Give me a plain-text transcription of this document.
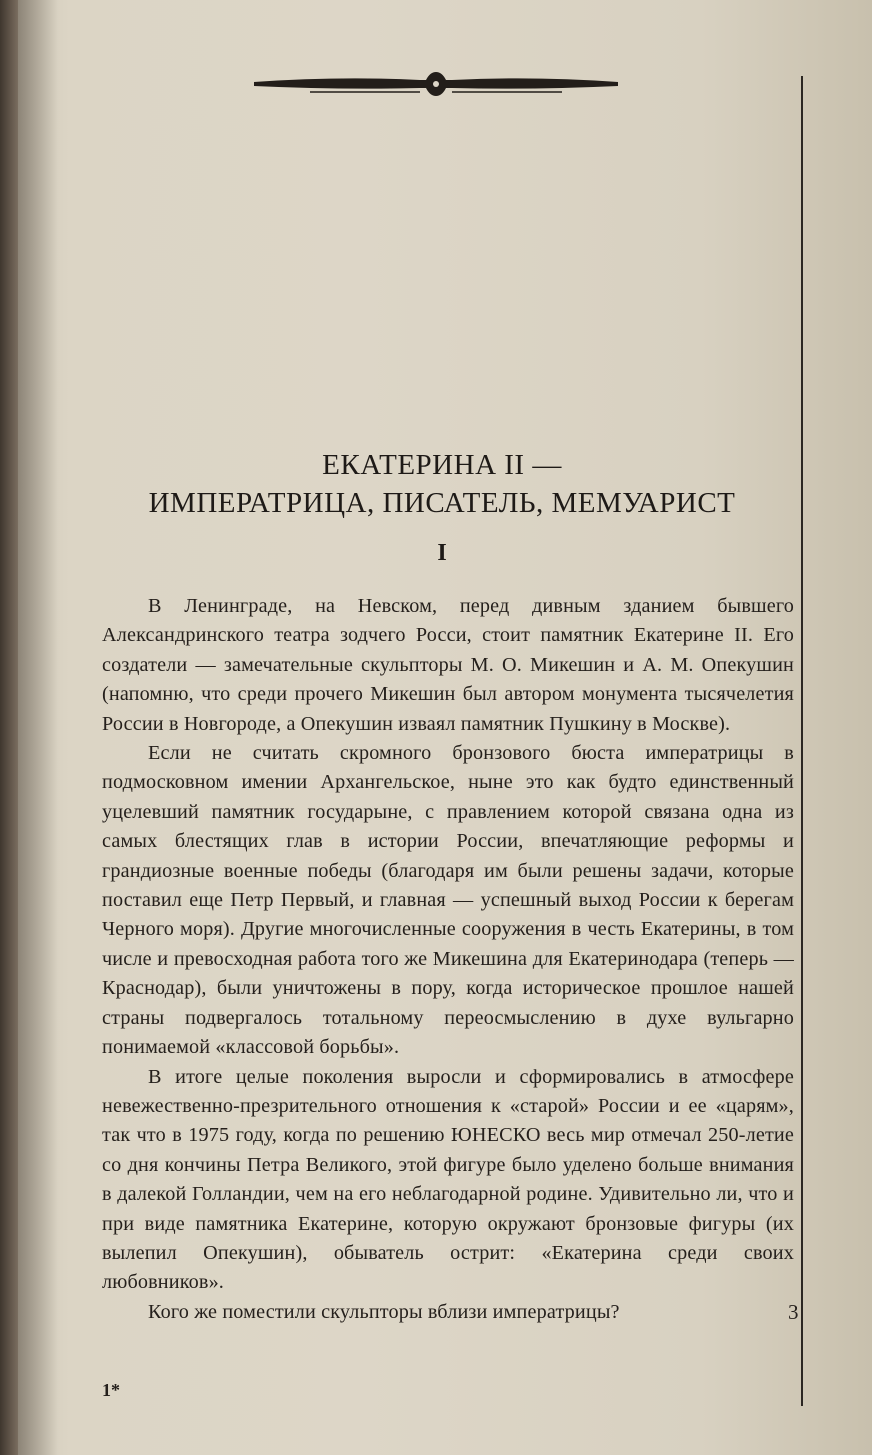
ЕКАТЕРИНА II —
ИМПЕРАТРИЦА, ПИСАТЕЛЬ, МЕМУАРИСТ
I

В Ленинграде, на Невском, перед дивным зданием бывшего Александринского театра зодчего Росси, стоит памятник Екатерине II. Его создатели — замечательные скульпторы М. О. Микешин и А. М. Опекушин (напомню, что среди прочего Микешин был автором монумента тысячелетия России в Новгороде, а Опекушин изваял памятник Пушкину в Москве).

Если не считать скромного бронзового бюста императрицы в подмосковном имении Архангельское, ныне это как будто единственный уцелевший памятник государыне, с правлением которой связана одна из самых блестящих глав в истории России, впечатляющие реформы и грандиозные военные победы (благодаря им были решены задачи, которые поставил еще Петр Первый, и главная — успешный выход России к берегам Черного моря). Другие многочисленные сооружения в честь Екатерины, в том числе и превосходная работа того же Микешина для Екатеринодара (теперь — Краснодар), были уничтожены в пору, когда историческое прошлое нашей страны подвергалось тотальному переосмыслению в духе вульгарно понимаемой «классовой борьбы».

В итоге целые поколения выросли и сформировались в атмосфере невежественно-презрительного отношения к «старой» России и ее «царям», так что в 1975 году, когда по решению ЮНЕСКО весь мир отмечал 250-летие со дня кончины Петра Великого, этой фигуре было уделено больше внимания в далекой Голландии, чем на его неблагодарной родине. Удивительно ли, что и при виде памятника Екатерине, которую окружают бронзовые фигуры (их вылепил Опекушин), обыватель острит: «Екатерина среди своих любовников».

Кого же поместили скульпторы вблизи императрицы?	3
1*
